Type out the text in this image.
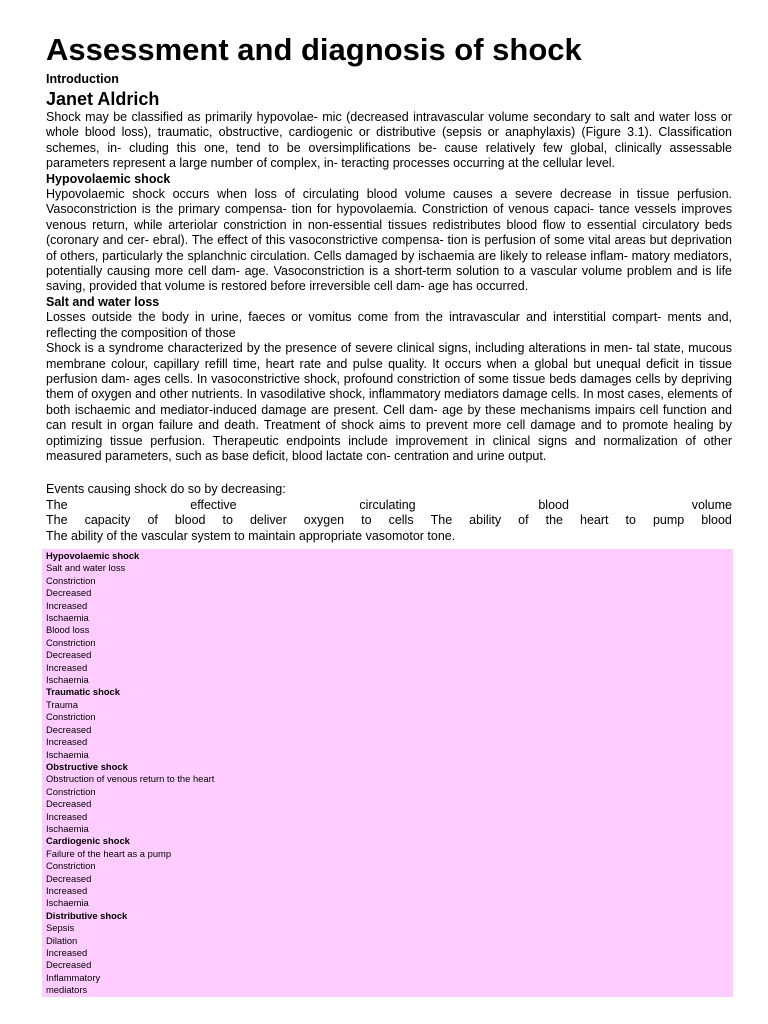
Assessment and diagnosis of shock
Introduction
Janet Aldrich

Shock may be classified as primarily hypovolae- mic (decreased intravascular volume secondary to salt and water loss or whole blood loss), traumatic, obstructive, cardiogenic or distributive (sepsis or anaphylaxis) (Figure 3.1). Classification schemes, in- cluding this one, tend to be oversimplifications be- cause relatively few global, clinically assessable parameters represent a large number of complex, in- teracting processes occurring at the cellular level.

Hypovolaemic shock

Hypovolaemic shock occurs when loss of circulating blood volume causes a severe decrease in tissue perfusion. Vasoconstriction is the primary compensa- tion for hypovolaemia. Constriction of venous capaci- tance vessels improves venous return, while arteriolar constriction in non-essential tissues redistributes blood flow to essential circulatory beds (coronary and cer- ebral). The effect of this vasoconstrictive compensa- tion is perfusion of some vital areas but deprivation of others, particularly the splanchnic circulation. Cells damaged by ischaemia are likely to release inflam- matory mediators, potentially causing more cell dam- age. Vasoconstriction is a short-term solution to a vascular volume problem and is life saving, provided that volume is restored before irreversible cell dam- age has occurred.

Salt and water loss

Losses outside the body in urine, faeces or vomitus come from the intravascular and interstitial compart- ments and, reflecting the composition of those

Shock is a syndrome characterized by the presence of severe clinical signs, including alterations in men- tal state, mucous membrane colour, capillary refill time, heart rate and pulse quality. It occurs when a global but unequal deficit in tissue perfusion dam- ages cells. In vasoconstrictive shock, profound constriction of some tissue beds damages cells by depriving them of oxygen and other nutrients. In vasodilative shock, inflammatory mediators damage cells. In most cases, elements of both ischaemic and mediator-induced damage are present. Cell dam- age by these mechanisms impairs cell function and can result in organ failure and death. Treatment of shock aims to prevent more cell damage and to promote healing by optimizing tissue perfusion. Therapeutic endpoints include improvement in clinical signs and normalization of other measured parameters, such as base deficit, blood lactate con- centration and urine output.

Events causing shock do so by decreasing:
The	effective	circulating	blood	volume
The capacity of blood to deliver oxygen to cells The ability of the heart to pump blood
The ability of the vascular system to maintain appropriate vasomotor tone.
Hypovolaemic shock
Salt and water loss
Constriction
Decreased
Increased
Ischaemia
Blood loss
Constriction
Decreased
Increased
Ischaemia
Traumatic shock
Trauma
Constriction
Decreased
Increased
Ischaemia
Obstructive shock
Obstruction of venous return to the heart
Constriction
Decreased
Increased
Ischaemia
Cardiogenic shock
Failure of the heart as a pump
Constriction
Decreased
Increased
Ischaemia
Distributive shock
Sepsis
Dilation
Increased
Decreased
Inflammatory
mediators
